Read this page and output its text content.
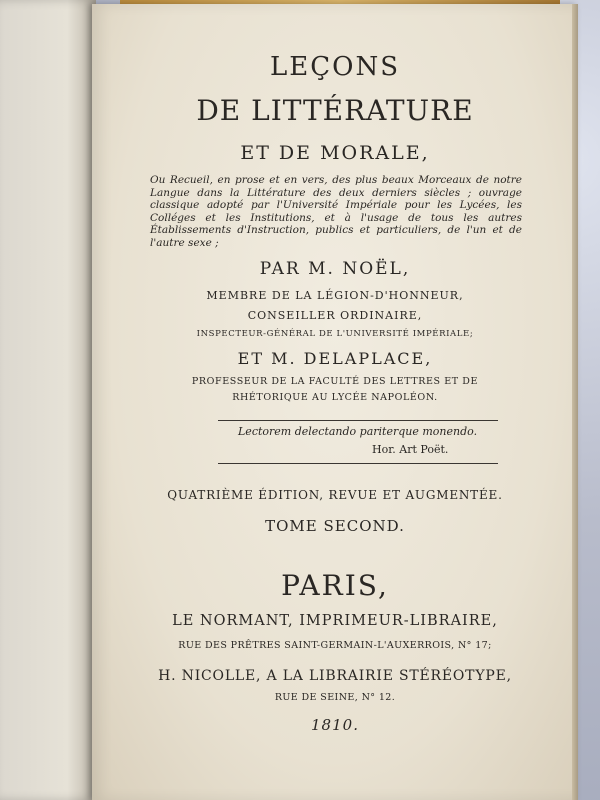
LEÇONS
DE LITTÉRATURE
ET DE MORALE,
Ou Recueil, en prose et en vers, des plus beaux Morceaux de notre Langue dans la Littérature des deux derniers siècles ; ouvrage classique adopté par l'Université Impériale pour les Lycées, les Colléges et les Institutions, et à l'usage de tous les autres Établissements d'Instruction, publics et particuliers, de l'un et de l'autre sexe ;
PAR M. NOËL,
MEMBRE DE LA LÉGION-D'HONNEUR,
CONSEILLER ORDINAIRE,
INSPECTEUR-GÉNÉRAL DE L'UNIVERSITÉ IMPÉRIALE;
ET M. DELAPLACE,
PROFESSEUR DE LA FACULTÉ DES LETTRES ET DE
RHÉTORIQUE AU LYCÉE NAPOLÉON.
Lectorem delectando pariterque monendo.
Hor. Art Poët.
QUATRIÈME ÉDITION, REVUE ET AUGMENTÉE.
TOME SECOND.
PARIS,
LE NORMANT, IMPRIMEUR-LIBRAIRE,
RUE DES PRÊTRES SAINT-GERMAIN-L'AUXERROIS, N° 17;
H. NICOLLE, A LA LIBRAIRIE STÉRÉOTYPE,
RUE DE SEINE, N° 12.
1810.
